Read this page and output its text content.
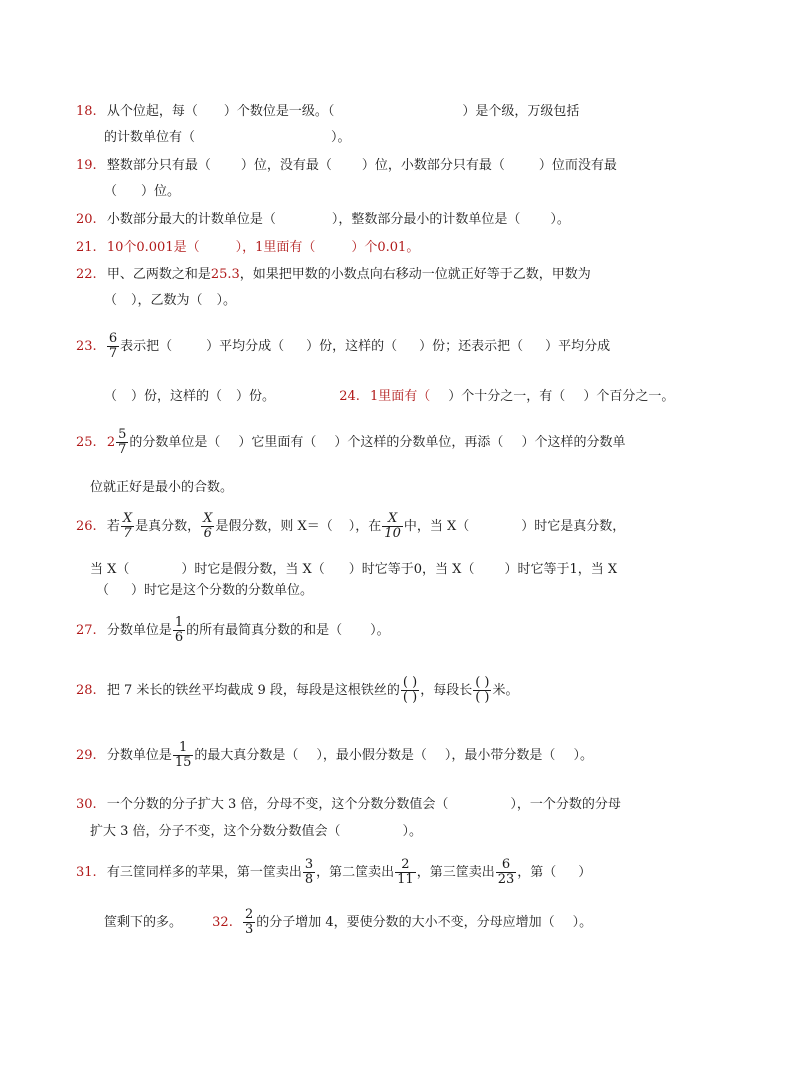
18. 从个位起，每（ ）个数位是一级。（	）是个级，万级包括
的计数单位有（	）。
19. 整数部分只有最（ ）位，没有最（ ）位，小数部分只有最（	）位而没有最
（ ）位。
20. 小数部分最大的计数单位是（	），整数部分最小的计数单位是（ ）。
21. 10个0.001是（	），1里面有（	）个0.01。
22. 甲、乙两数之和是25.3，如果把甲数的小数点向右移动一位就正好等于乙数，甲数为
（ ），乙数为（ ）。
23. $\frac{6}{7}$ 表示把（	）平均分成（ ）份，这样的（ ）份；还表示把（ ）平均分成
（ ）份，这样的（ ）份。	24. 1里面有（ ）个十分之一，有（ ）个百分之一。
25. $2 \frac{5}{7}$ 的分数单位是（ ）它里面有（ ）个这样的分数单位，再添（ ）个这样的分数单
位就正好是最小的合数。
26. 若 $\frac{X}{7}$ 是真分数， $\frac{X}{6}$ 是假分数，则 X＝（ ），在 $\frac{X}{10}$ 中，当 X（	）时它是真分数，
当 X（	）时它是假分数，当 X（ ）时它等于0，当 X（ ）时它等于1，当 X
（ ）时它是这个分数的分数单位。
27. 分数单位是 $\frac{1}{6}$ 的所有最简真分数的和是（ ）。
28. 把 7 米长的铁丝平均截成 9 段，每段是这根铁丝的
( )
( ) ，每段长
( )
( ) 米。
29. 分数单位是 $\frac{1}{15}$ 的最大真分数是（ ），最小假分数是（ ），最小带分数是（ ）。
30. 一个分数的分子扩大 3 倍，分母不变，这个分数分数值会（	），一个分数的分母
扩大 3 倍，分子不变，这个分数分数值会（	）。
31. 有三筐同样多的苹果，第一筐卖出 $\frac{3}{8}$ ，第二筐卖出 $\frac{2}{11}$ ，第三筐卖出 $\frac{6}{23}$ ，第（ ）
筐剩下的多。 32. $\frac{2}{3}$ 的分子增加 4，要使分数的大小不变，分母应增加（ ）。
